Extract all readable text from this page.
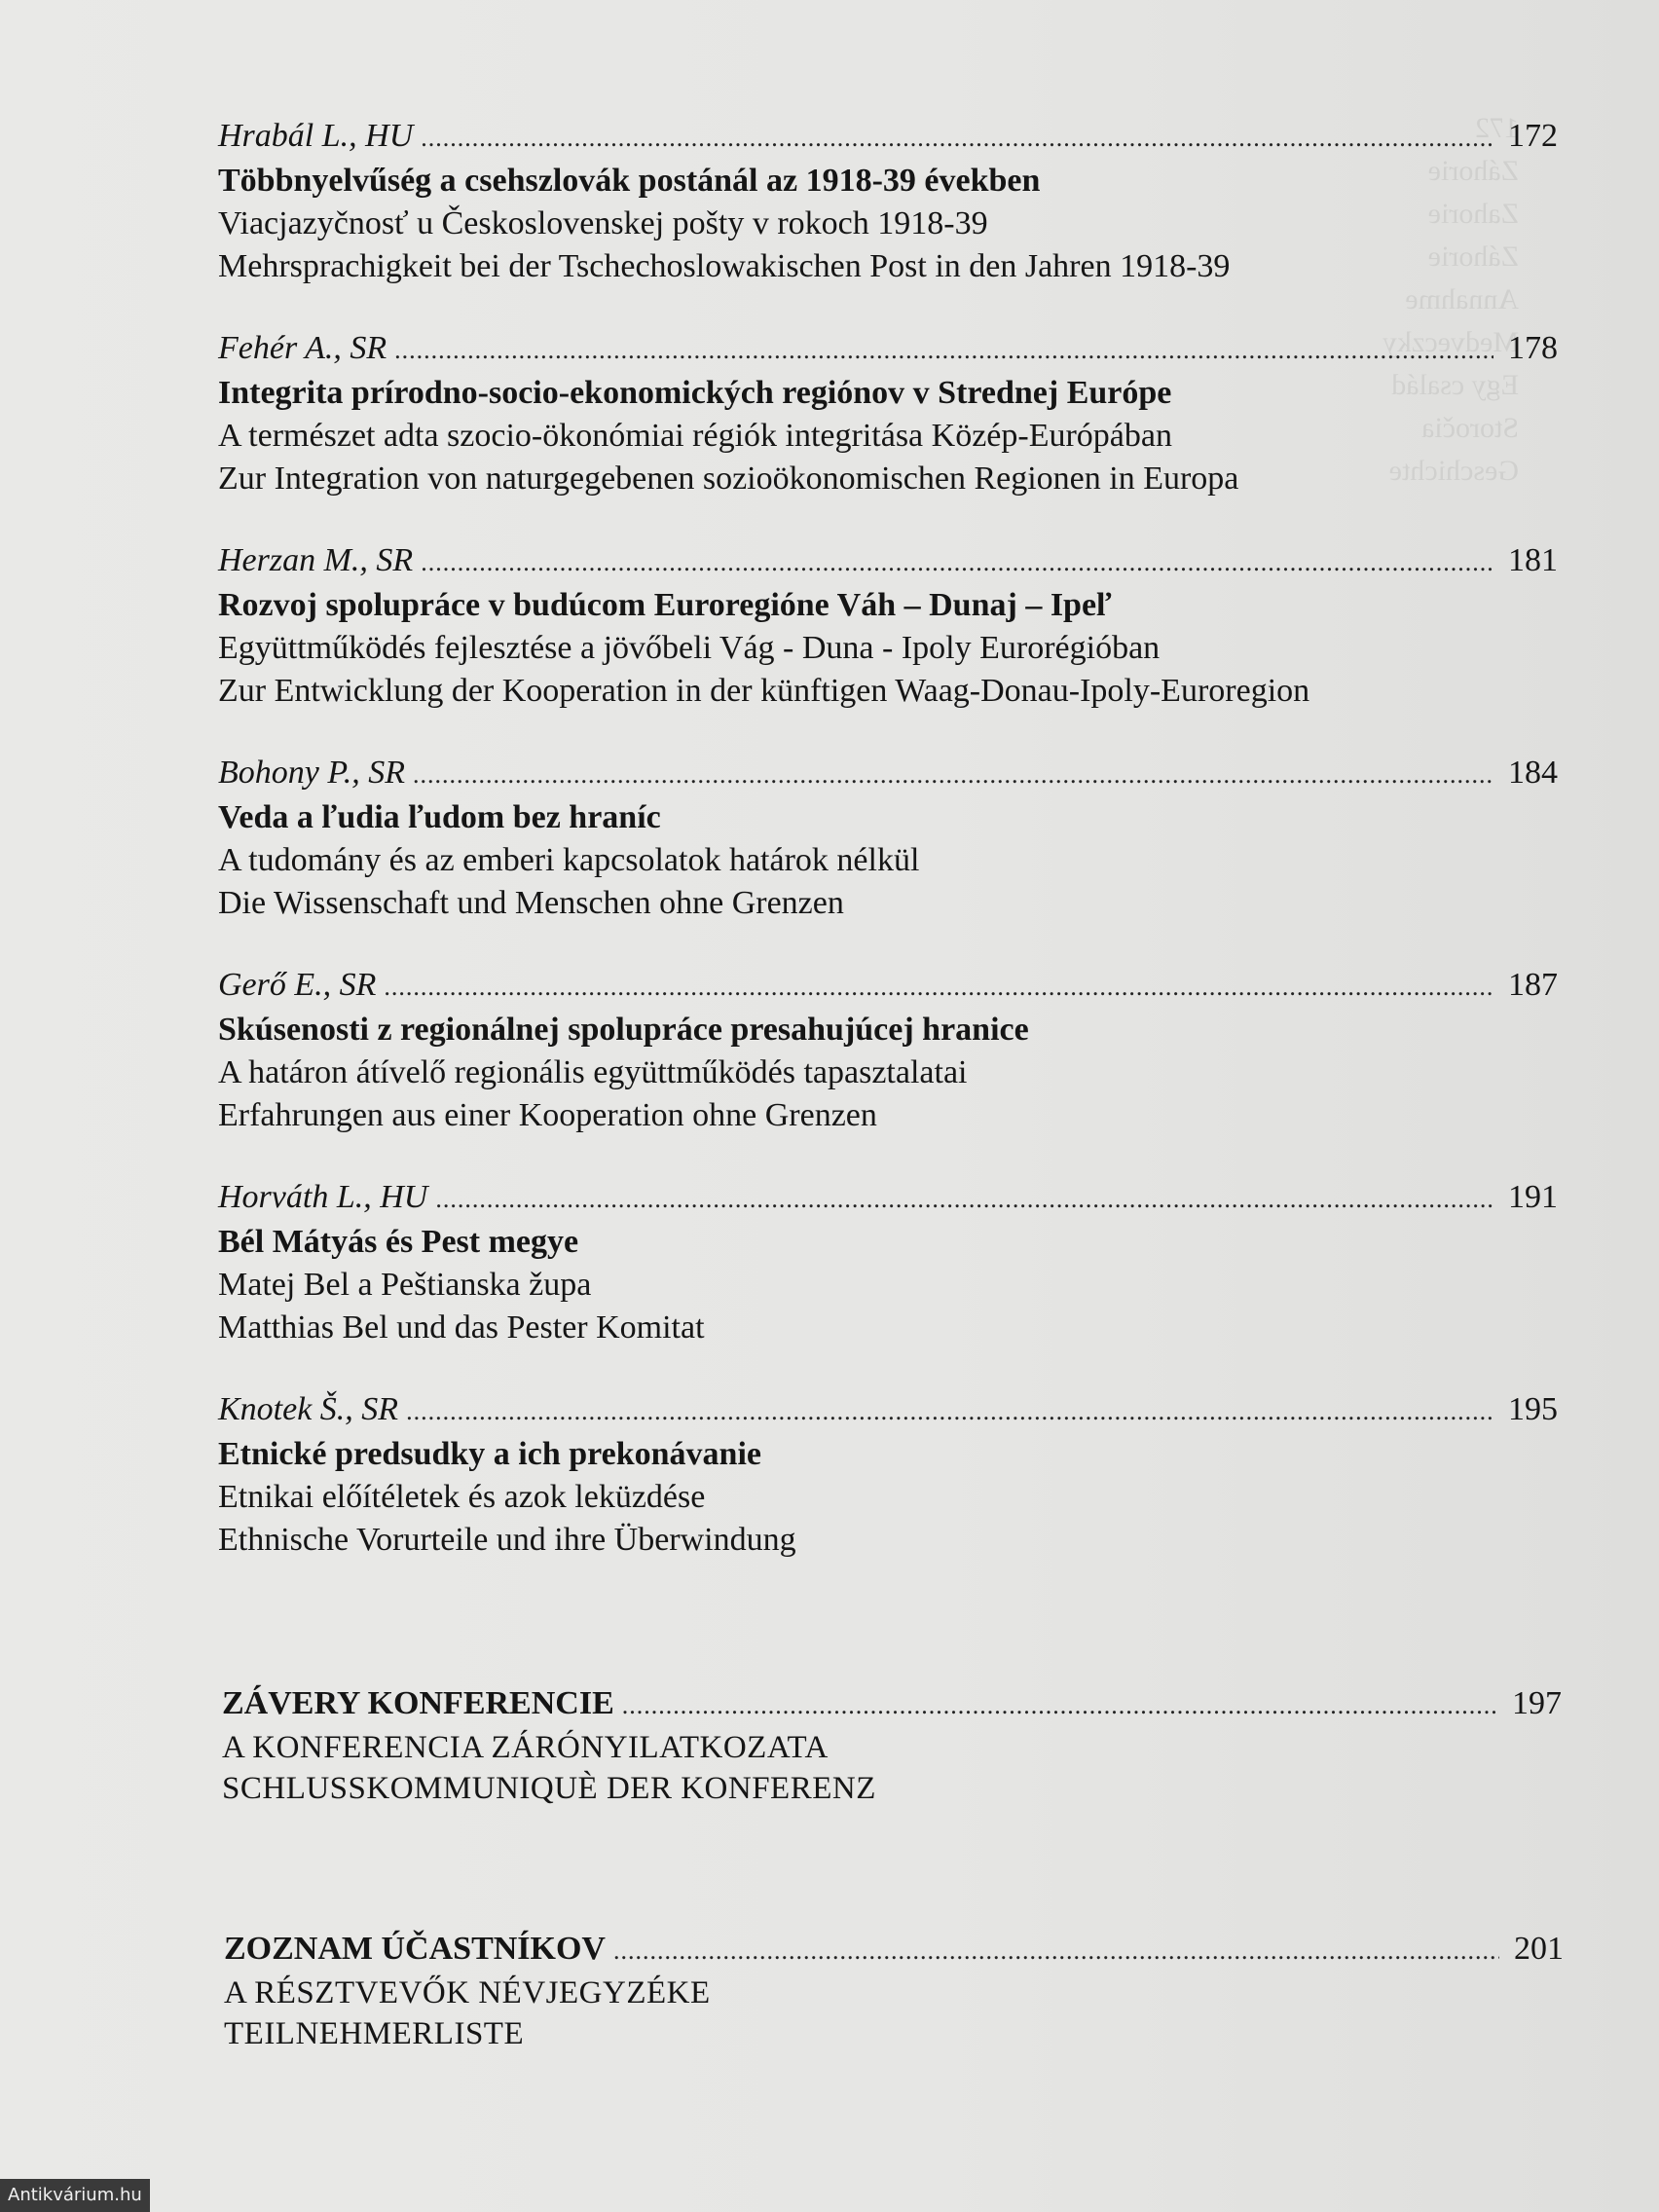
172
Záhorie
Zahorie
Záhorie
Annahme
Medveczky
Egy család
Storočia
Geschichte
Hrabál L., HU .....	172
Többnyelvűség a csehszlovák postánál az 1918-39 években
Viacjazyčnosť u Československej pošty v rokoch 1918-39
Mehrsprachigkeit bei der Tschechoslowakischen Post in den Jahren 1918-39
Fehér A., SR .....	178
Integrita prírodno-socio-ekonomických regiónov v Strednej Európe
A természet adta szocio-ökonómiai régiók integritása Közép-Európában
Zur Integration von naturgegebenen sozioökonomischen Regionen in Europa
Herzan M., SR .....	181
Rozvoj spolupráce v budúcom Euroregióne Váh – Dunaj – Ipeľ
Együttműködés fejlesztése a jövőbeli Vág - Duna - Ipoly Eurorégióban
Zur Entwicklung der Kooperation in der künftigen Waag-Donau-Ipoly-Euroregion
Bohony P., SR .....	184
Veda a ľudia ľudom bez hraníc
A tudomány és az emberi kapcsolatok határok nélkül
Die Wissenschaft und Menschen ohne Grenzen
Gerő E., SR .....	187
Skúsenosti z regionálnej spolupráce presahujúcej hranice
A határon átívelő regionális együttműködés tapasztalatai
Erfahrungen aus einer Kooperation ohne Grenzen
Horváth L., HU .....	191
Bél Mátyás és Pest megye
Matej Bel a Peštianska župa
Matthias Bel und das Pester Komitat
Knotek Š., SR .....	195
Etnické predsudky a ich prekonávanie
Etnikai előítéletek és azok leküzdése
Ethnische Vorurteile und ihre Überwindung
ZÁVERY KONFERENCIE .....	197
A KONFERENCIA ZÁRÓNYILATKOZATA
SCHLUSSKOMMUNIQUÈ DER KONFERENZ
ZOZNAM ÚČASTNÍKOV .....	201
A RÉSZTVEVŐK NÉVJEGYZÉKE
TEILNEHMERLISTE
Antikvárium.hu
